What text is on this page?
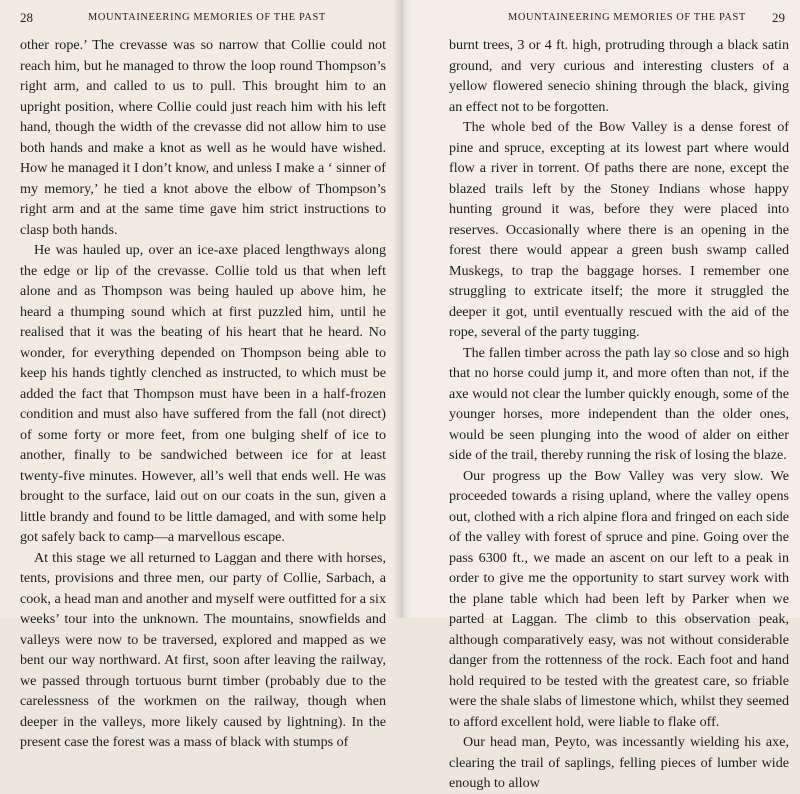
28	MOUNTAINEERING MEMORIES OF THE PAST

other rope.’ The crevasse was so narrow that Collie could not reach him, but he managed to throw the loop round Thompson’s right arm, and called to us to pull. This brought him to an upright position, where Collie could just reach him with his left hand, though the width of the crevasse did not allow him to use both hands and make a knot as well as he would have wished. How he managed it I don’t know, and unless I make a ‘ sinner of my memory,’ he tied a knot above the elbow of Thompson’s right arm and at the same time gave him strict instructions to clasp both hands.

He was hauled up, over an ice-axe placed lengthways along the edge or lip of the crevasse. Collie told us that when left alone and as Thompson was being hauled up above him, he heard a thumping sound which at first puzzled him, until he realised that it was the beating of his heart that he heard. No wonder, for everything depended on Thompson being able to keep his hands tightly clenched as instructed, to which must be added the fact that Thompson must have been in a half-frozen condition and must also have suffered from the fall (not direct) of some forty or more feet, from one bulging shelf of ice to another, finally to be sandwiched between ice for at least twenty-five minutes. However, all’s well that ends well. He was brought to the surface, laid out on our coats in the sun, given a little brandy and found to be little damaged, and with some help got safely back to camp—a marvellous escape.

At this stage we all returned to Laggan and there with horses, tents, provisions and three men, our party of Collie, Sarbach, a cook, a head man and another and myself were outfitted for a six weeks’ tour into the unknown. The mountains, snowfields and valleys were now to be traversed, explored and mapped as we bent our way northward. At first, soon after leaving the railway, we passed through tortuous burnt timber (probably due to the carelessness of the workmen on the railway, though when deeper in the valleys, more likely caused by lightning). In the present case the forest was a mass of black with stumps of

MOUNTAINEERING MEMORIES OF THE PAST 29

burnt trees, 3 or 4 ft. high, protruding through a black satin ground, and very curious and interesting clusters of a yellow flowered senecio shining through the black, giving an effect not to be forgotten.

The whole bed of the Bow Valley is a dense forest of pine and spruce, excepting at its lowest part where would flow a river in torrent. Of paths there are none, except the blazed trails left by the Stoney Indians whose happy hunting ground it was, before they were placed into reserves. Occasionally where there is an opening in the forest there would appear a green bush swamp called Muskegs, to trap the baggage horses. I remember one struggling to extricate itself; the more it struggled the deeper it got, until eventually rescued with the aid of the rope, several of the party tugging.

The fallen timber across the path lay so close and so high that no horse could jump it, and more often than not, if the axe would not clear the lumber quickly enough, some of the younger horses, more independent than the older ones, would be seen plunging into the wood of alder on either side of the trail, thereby running the risk of losing the blaze.

Our progress up the Bow Valley was very slow. We proceeded towards a rising upland, where the valley opens out, clothed with a rich alpine flora and fringed on each side of the valley with forest of spruce and pine. Going over the pass 6300 ft., we made an ascent on our left to a peak in order to give me the opportunity to start survey work with the plane table which had been left by Parker when we parted at Laggan. The climb to this observation peak, although comparatively easy, was not without considerable danger from the rottenness of the rock. Each foot and hand hold required to be tested with the greatest care, so friable were the shale slabs of limestone which, whilst they seemed to afford excellent hold, were liable to flake off.

Our head man, Peyto, was incessantly wielding his axe, clearing the trail of saplings, felling pieces of lumber wide enough to allow
